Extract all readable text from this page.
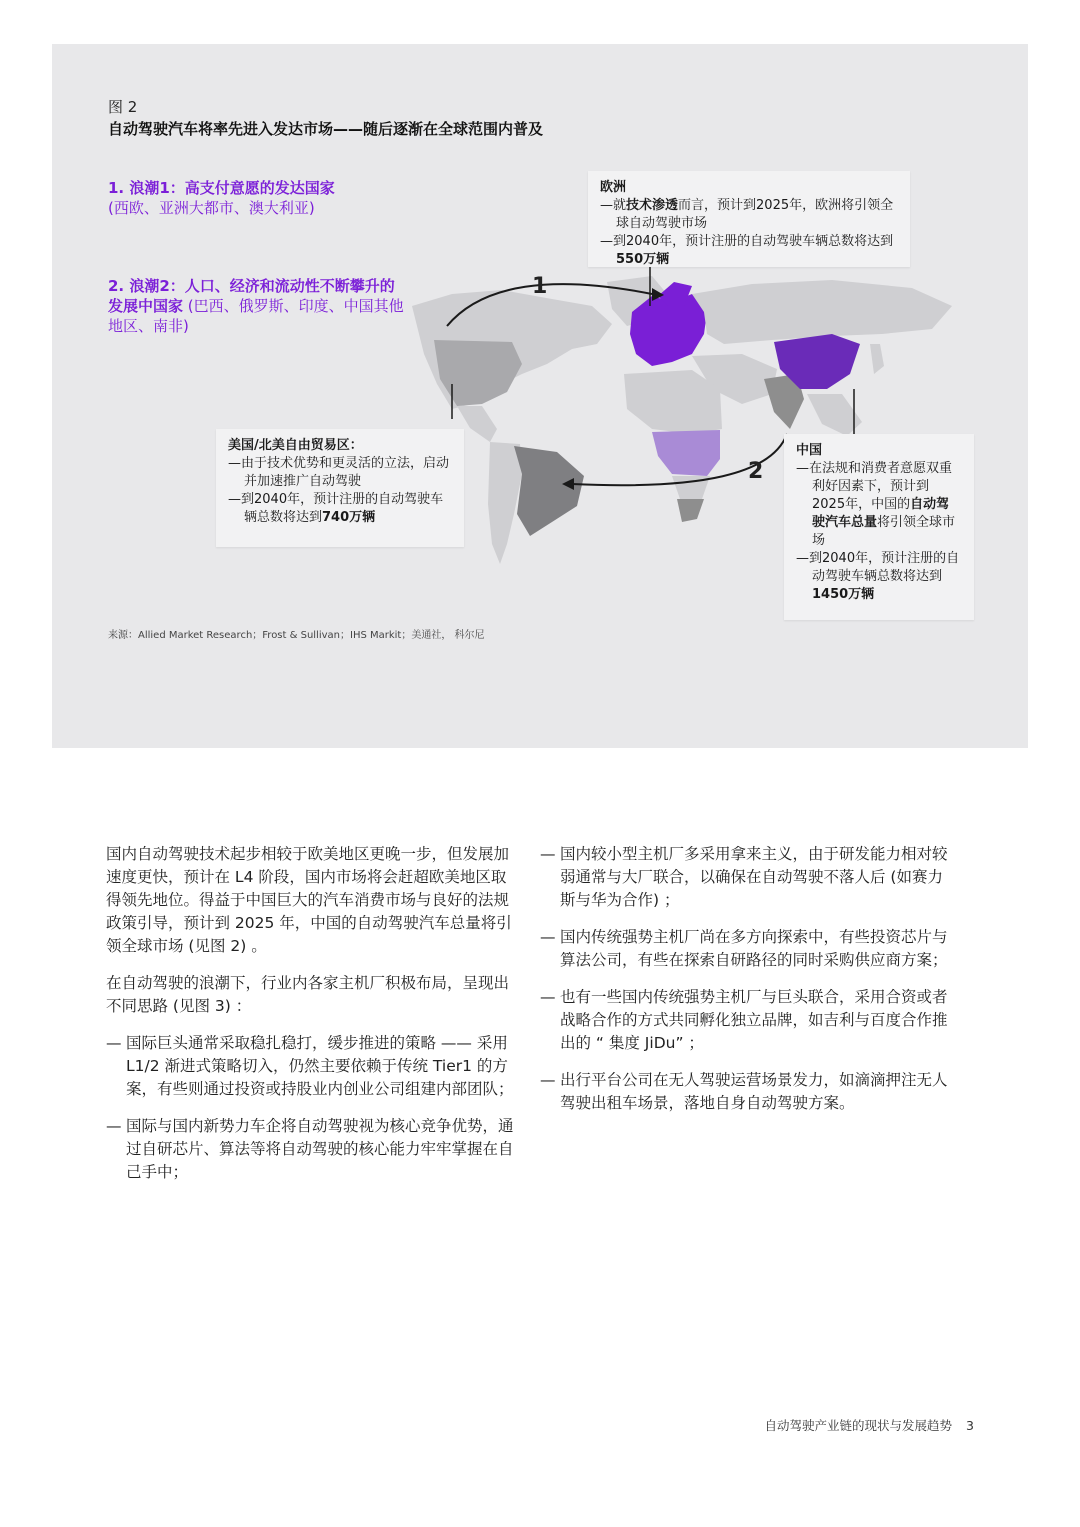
图 2
自动驾驶汽车将率先进入发达市场——随后逐渐在全球范围内普及
1. 浪潮1：高支付意愿的发达国家
(西欧、亚洲大都市、澳大利亚)
2. 浪潮2：人口、经济和流动性不断攀升的发展中国家 (巴西、俄罗斯、印度、中国其他地区、南非)
1
2
欧洲
—就技术渗透而言，预计到2025年，欧洲将引领全球自动驾驶市场
—到2040年，预计注册的自动驾驶车辆总数将达到550万辆
美国/北美自由贸易区：
—由于技术优势和更灵活的立法，启动并加速推广自动驾驶
—到2040年，预计注册的自动驾驶车辆总数将达到740万辆
中国
—在法规和消费者意愿双重利好因素下，预计到2025年，中国的自动驾驶汽车总量将引领全球市场
—到2040年，预计注册的自动驾驶车辆总数将达到1450万辆
来源：Allied Market Research；Frost & Sullivan；IHS Markit；美通社， 科尔尼

国内自动驾驶技术起步相较于欧美地区更晚一步，但发展加速度更快，预计在 L4 阶段，国内市场将会赶超欧美地区取得领先地位。得益于中国巨大的汽车消费市场与良好的法规政策引导，预计到 2025 年，中国的自动驾驶汽车总量将引领全球市场 (见图 2) 。

在自动驾驶的浪潮下，行业内各家主机厂积极布局，呈现出不同思路 (见图 3) ：

— 国际巨头通常采取稳扎稳打，缓步推进的策略 —— 采用 L1/2 渐进式策略切入，仍然主要依赖于传统 Tier1 的方案，有些则通过投资或持股业内创业公司组建内部团队；
— 国际与国内新势力车企将自动驾驶视为核心竞争优势，通过自研芯片、算法等将自动驾驶的核心能力牢牢掌握在自己手中；
— 国内较小型主机厂多采用拿来主义，由于研发能力相对较弱通常与大厂联合，以确保在自动驾驶不落人后 (如赛力斯与华为合作) ；
— 国内传统强势主机厂尚在多方向探索中，有些投资芯片与算法公司，有些在探索自研路径的同时采购供应商方案；
— 也有一些国内传统强势主机厂与巨头联合，采用合资或者战略合作的方式共同孵化独立品牌，如吉利与百度合作推出的 “ 集度 JiDu” ；
— 出行平台公司在无人驾驶运营场景发力，如滴滴押注无人驾驶出租车场景，落地自身自动驾驶方案。
自动驾驶产业链的现状与发展趋势 3
